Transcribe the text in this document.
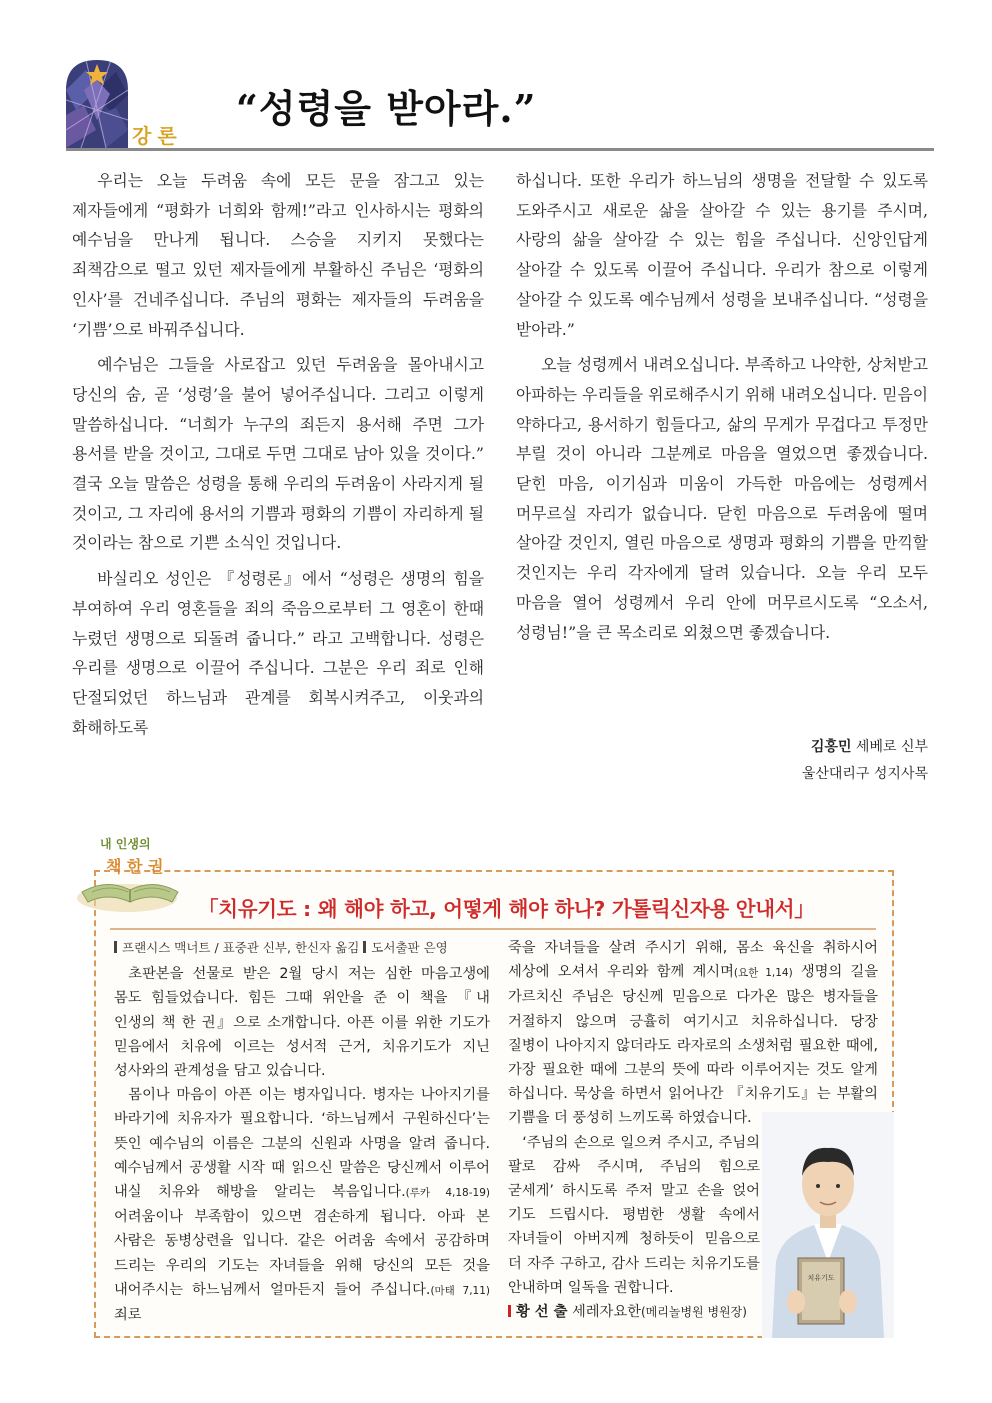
강론
“성령을 받아라.”

우리는 오늘 두려움 속에 모든 문을 잠그고 있는 제자들에게 “평화가 너희와 함께!”라고 인사하시는 평화의 예수님을 만나게 됩니다. 스승을 지키지 못했다는 죄책감으로 떨고 있던 제자들에게 부활하신 주님은 ‘평화의 인사’를 건네주십니다. 주님의 평화는 제자들의 두려움을 ‘기쁨’으로 바꿔주십니다.

예수님은 그들을 사로잡고 있던 두려움을 몰아내시고 당신의 숨, 곧 ‘성령’을 불어 넣어주십니다. 그리고 이렇게 말씀하십니다. “너희가 누구의 죄든지 용서해 주면 그가 용서를 받을 것이고, 그대로 두면 그대로 남아 있을 것이다.” 결국 오늘 말씀은 성령을 통해 우리의 두려움이 사라지게 될 것이고, 그 자리에 용서의 기쁨과 평화의 기쁨이 자리하게 될 것이라는 참으로 기쁜 소식인 것입니다.

바실리오 성인은 『성령론』에서 “성령은 생명의 힘을 부여하여 우리 영혼들을 죄의 죽음으로부터 그 영혼이 한때 누렸던 생명으로 되돌려 줍니다.” 라고 고백합니다. 성령은 우리를 생명으로 이끌어 주십니다. 그분은 우리 죄로 인해 단절되었던 하느님과 관계를 회복시켜주고, 이웃과의 화해하도록

하십니다. 또한 우리가 하느님의 생명을 전달할 수 있도록 도와주시고 새로운 삶을 살아갈 수 있는 용기를 주시며, 사랑의 삶을 살아갈 수 있는 힘을 주십니다. 신앙인답게 살아갈 수 있도록 이끌어 주십니다. 우리가 참으로 이렇게 살아갈 수 있도록 예수님께서 성령을 보내주십니다. “성령을 받아라.”

오늘 성령께서 내려오십니다. 부족하고 나약한, 상처받고 아파하는 우리들을 위로해주시기 위해 내려오십니다. 믿음이 약하다고, 용서하기 힘들다고, 삶의 무게가 무겁다고 투정만 부릴 것이 아니라 그분께로 마음을 열었으면 좋겠습니다. 닫힌 마음, 이기심과 미움이 가득한 마음에는 성령께서 머무르실 자리가 없습니다. 닫힌 마음으로 두려움에 떨며 살아갈 것인지, 열린 마음으로 생명과 평화의 기쁨을 만끽할 것인지는 우리 각자에게 달려 있습니다. 오늘 우리 모두 마음을 열어 성령께서 우리 안에 머무르시도록 “오소서, 성령님!”을 큰 목소리로 외쳤으면 좋겠습니다.

김홍민 세베로 신부
울산대리구 성지사목
내 인생의
책 한 권
「치유기도 : 왜 해야 하고, 어떻게 해야 하나? 가톨릭신자용 안내서」

프랜시스 맥너트 / 표중관 신부, 한신자 옮김 도서출판 은영

초판본을 선물로 받은 2월 당시 저는 심한 마음고생에 몸도 힘들었습니다. 힘든 그때 위안을 준 이 책을 『내 인생의 책 한 권』으로 소개합니다. 아픈 이를 위한 기도가 믿음에서 치유에 이르는 성서적 근거, 치유기도가 지닌 성사와의 관계성을 담고 있습니다.

몸이나 마음이 아픈 이는 병자입니다. 병자는 나아지기를 바라기에 치유자가 필요합니다. ‘하느님께서 구원하신다’는 뜻인 예수님의 이름은 그분의 신원과 사명을 알려 줍니다. 예수님께서 공생활 시작 때 읽으신 말씀은 당신께서 이루어 내실 치유와 해방을 알리는 복음입니다.(루카 4,18-19) 어려움이나 부족함이 있으면 겸손하게 됩니다. 아파 본 사람은 동병상련을 입니다. 같은 어려움 속에서 공감하며 드리는 우리의 기도는 자녀들을 위해 당신의 모든 것을 내어주시는 하느님께서 얼마든지 들어 주십니다.(마태 7,11) 죄로

죽을 자녀들을 살려 주시기 위해, 몸소 육신을 취하시어 세상에 오셔서 우리와 함께 계시며(요한 1,14) 생명의 길을 가르치신 주님은 당신께 믿음으로 다가온 많은 병자들을 거절하지 않으며 긍휼히 여기시고 치유하십니다. 당장 질병이 나아지지 않더라도 라자로의 소생처럼 필요한 때에, 가장 필요한 때에 그분의 뜻에 따라 이루어지는 것도 알게 하십니다. 묵상을 하면서 읽어나간 『치유기도』는 부활의 기쁨을 더 풍성히 느끼도록 하였습니다.

‘주님의 손으로 일으켜 주시고, 주님의 팔로 감싸 주시며, 주님의 힘으로 굳세게’ 하시도록 주저 말고 손을 얹어 기도 드립시다. 평범한 생활 속에서 자녀들이 아버지께 청하듯이 믿음으로 더 자주 구하고, 감사 드리는 치유기도를 안내하며 일독을 권합니다.

황 선 출 세레자요한(메리놀병원 병원장)

치유기도
